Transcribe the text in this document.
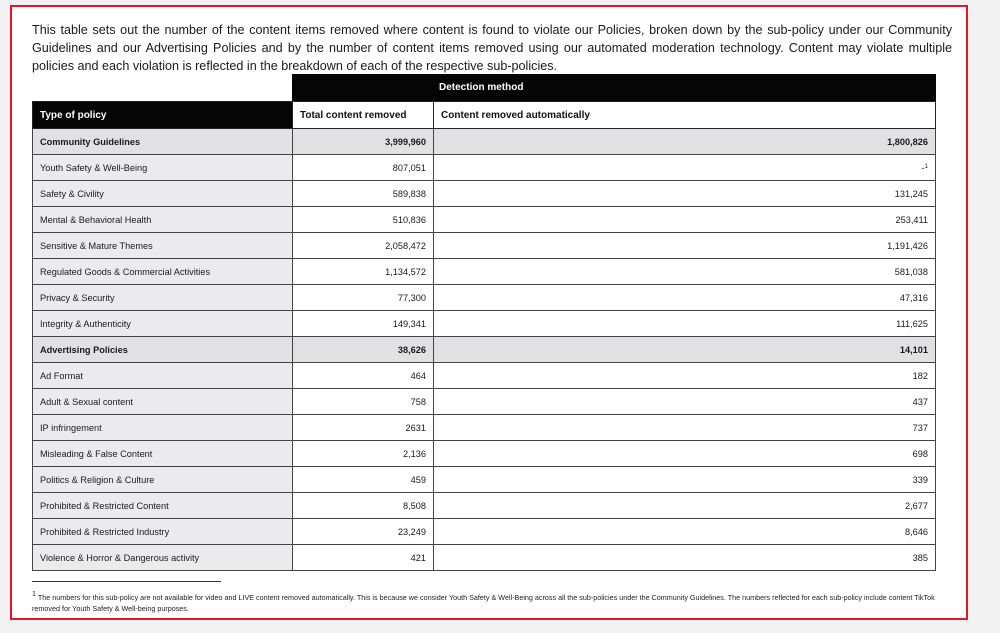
This table sets out the number of the content items removed where content is found to violate our Policies, broken down by the sub-policy under our Community Guidelines and our Advertising Policies and by the number of content items removed using our automated moderation technology. Content may violate multiple policies and each violation is reflected in the breakdown of each of the respective sub-policies.

	Detection method	
Type of policy	Total content removed	Content removed automatically
Community Guidelines	3,999,960	1,800,826
Youth Safety & Well-Being	807,051	-$^1$
Safety & Civility	589,838	131,245
Mental & Behavioral Health	510,836	253,411
Sensitive & Mature Themes	2,058,472	1,191,426
Regulated Goods & Commercial Activities	1,134,572	581,038
Privacy & Security	77,300	47,316
Integrity & Authenticity	149,341	111,625
Advertising Policies	38,626	14,101
Ad Format	464	182
Adult & Sexual content	758	437
IP infringement	2631	737
Misleading & False Content	2,136	698
Politics & Religion & Culture	459	339
Prohibited & Restricted Content	8,508	2,677
Prohibited & Restricted Industry	23,249	8,646
Violence & Horror & Dangerous activity	421	385

$^1$ The numbers for this sub-policy are not available for video and LIVE content removed automatically. This is because we consider Youth Safety & Well-Being across all the sub-policies under the Community Guidelines. The numbers reflected for each sub-policy include content TikTok removed for Youth Safety & Well-being purposes.
